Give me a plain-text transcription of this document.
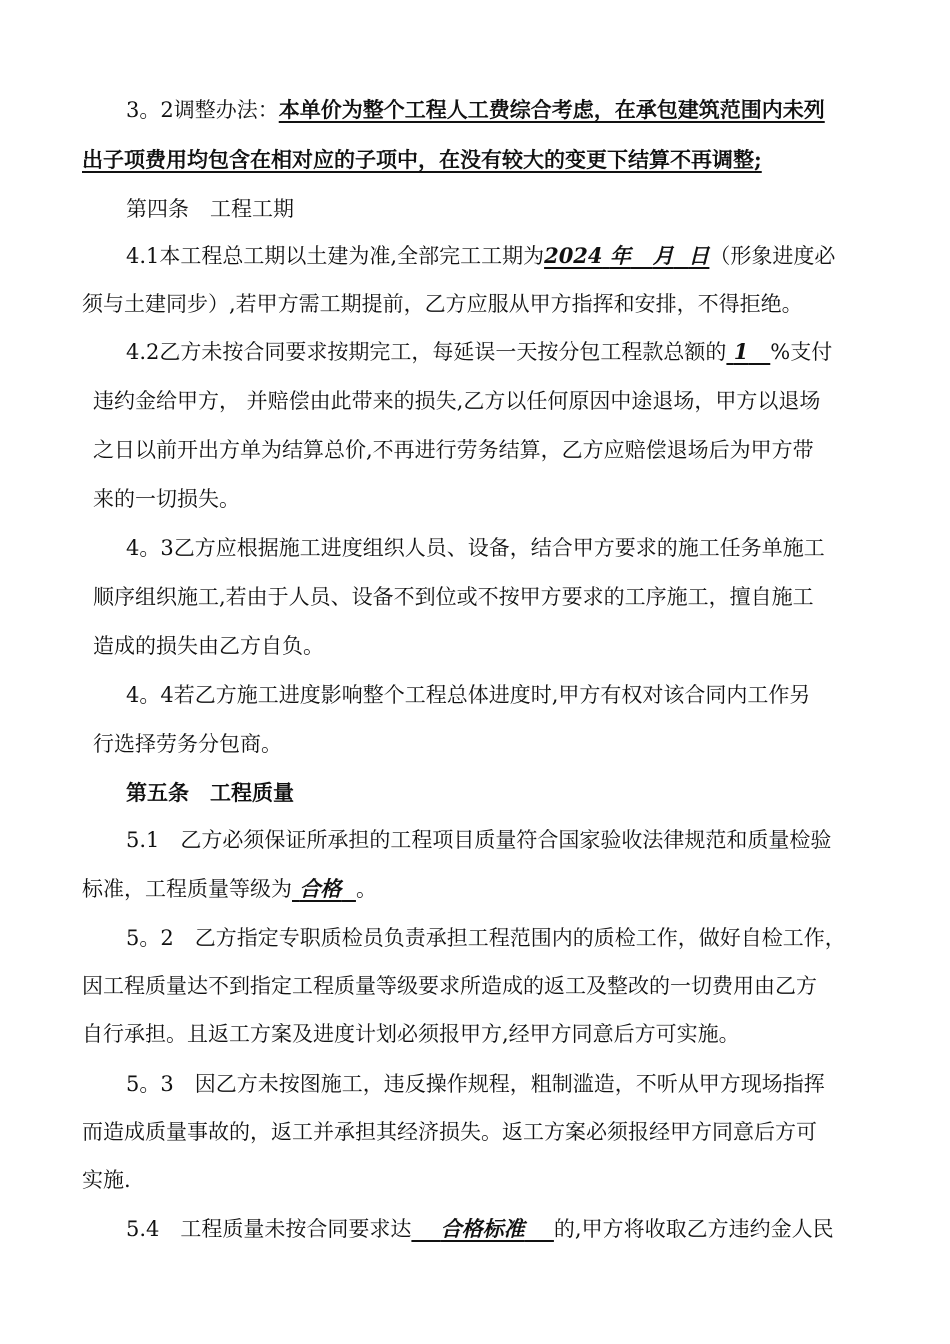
3。2调整办法：本单价为整个工程人工费综合考虑，在承包建筑范围内未列
出子项费用均包含在相对应的子项中，在没有较大的变更下结算不再调整;
第四条　工程工期
4.1本工程总工期以土建为准,全部完工工期为2024 年 月 日（形象进度必
须与土建同步）,若甲方需工期提前，乙方应服从甲方指挥和安排，不得拒绝。
4.2乙方未按合同要求按期完工，每延误一天按分包工程款总额的 1 %支付
违约金给甲方， 并赔偿由此带来的损失,乙方以任何原因中途退场，甲方以退场
之日以前开出方单为结算总价,不再进行劳务结算，乙方应赔偿退场后为甲方带
来的一切损失。
4。3乙方应根据施工进度组织人员、设备，结合甲方要求的施工任务单施工
顺序组织施工,若由于人员、设备不到位或不按甲方要求的工序施工，擅自施工
造成的损失由乙方自负。
4。4若乙方施工进度影响整个工程总体进度时,甲方有权对该合同内工作另
行选择劳务分包商。
第五条　工程质量
5.1　乙方必须保证所承担的工程项目质量符合国家验收法律规范和质量检验
标准，工程质量等级为 合格 。
5。2　乙方指定专职质检员负责承担工程范围内的质检工作，做好自检工作，
因工程质量达不到指定工程质量等级要求所造成的返工及整改的一切费用由乙方
自行承担。且返工方案及进度计划必须报甲方,经甲方同意后方可实施。
5。3　因乙方未按图施工，违反操作规程，粗制滥造，不听从甲方现场指挥
而造成质量事故的，返工并承担其经济损失。返工方案必须报经甲方同意后方可
实施.
5.4　工程质量未按合同要求达 合格标准 的,甲方将收取乙方违约金人民
